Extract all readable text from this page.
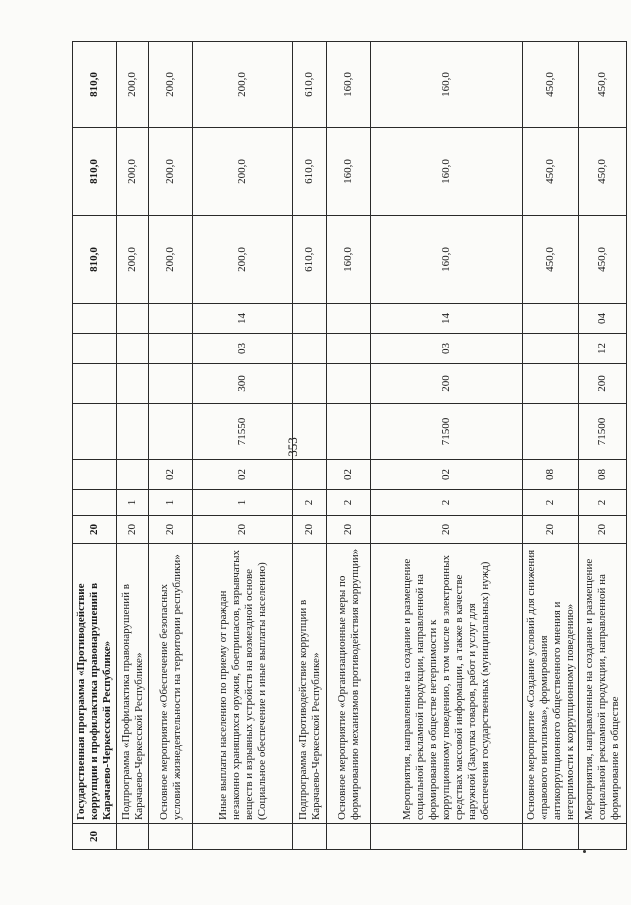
353
20	Государственная программа «Противодействие коррупции и профилактика правонарушений в Карачаево-Черкесской Республике»	20							810,0	810,0	810,0
	Подпрограмма «Профилактика правонарушений в Карачаево-Черкесской Республике»	20	1						200,0	200,0	200,0
	Основное мероприятие «Обеспечение безопасных условий жизнедеятельности на территории республики»	20	1	02					200,0	200,0	200,0
	Иные выплаты населению по приему от граждан незаконно хранящихся оружия, боеприпасов, взрывчатых веществ и взрывных устройств на возмездной основе (Социальное обеспечение и иные выплаты населению)	20	1	02	71550	300	03	14	200,0	200,0	200,0
	Подпрограмма «Противодействие коррупции в Карачаево-Черкесской Республике»	20	2						610,0	610,0	610,0
	Основное мероприятие «Организационные меры по формированию механизмов противодействия коррупции»	20	2	02					160,0	160,0	160,0
	Мероприятия, направленные на создание и размещение социальной рекламной продукции, направленной на формирование в обществе нетерпимости к коррупционному поведению, в том числе в электронных средствах массовой информации, а также в качестве наружной (Закупка товаров, работ и услуг для обеспечения государственных (муниципальных) нужд)	20	2	02	71500	200	03	14	160,0	160,0	160,0
	Основное мероприятие «Создание условий для снижения «правового нигилизма», формирования антикоррупционного общественного мнения и нетерпимости к коррупционному поведению»	20	2	08					450,0	450,0	450,0
	Мероприятия, направленные на создание и размещение социальной рекламной продукции, направленной на формирование в обществе	20	2	08	71500	200	12	04	450,0	450,0	450,0
